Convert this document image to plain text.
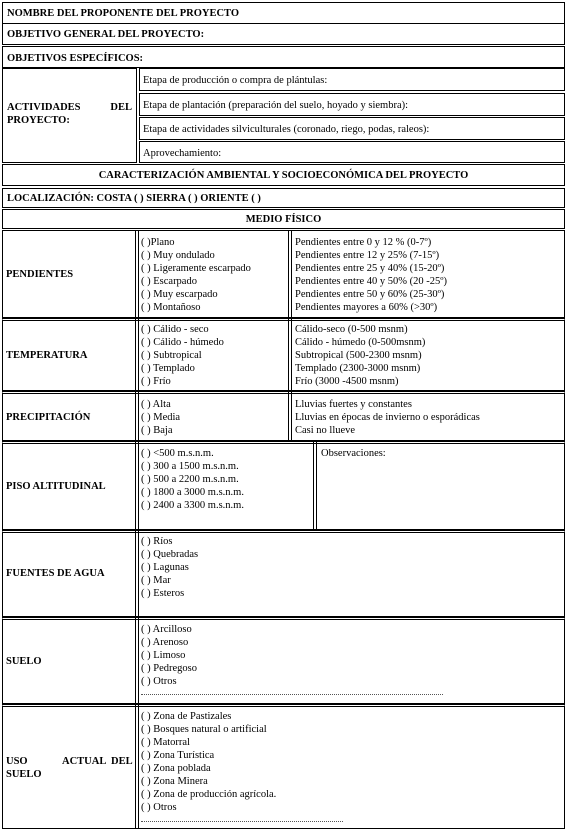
NOMBRE DEL PROPONENTE DEL PROYECTO
OBJETIVO GENERAL DEL PROYECTO:
OBJETIVOS ESPECÍFICOS:
ACTIVIDADES	DEL
PROYECTO:
Etapa de producción o compra de plántulas:
Etapa de plantación (preparación del suelo, hoyado y siembra):
Etapa de actividades silviculturales (coronado, riego, podas, raleos):
Aprovechamiento:
CARACTERIZACIÓN AMBIENTAL Y SOCIOECONÓMICA DEL PROYECTO
LOCALIZACIÓN: COSTA ( ) SIERRA ( ) ORIENTE ( )
MEDIO FÍSICO
PENDIENTES
( )Plano
( ) Muy ondulado
( ) Ligeramente escarpado
( ) Escarpado
( ) Muy escarpado
( ) Montañoso
Pendientes entre 0 y 12 % (0-7º)
Pendientes entre 12 y 25% (7-15º)
Pendientes entre 25 y 40% (15-20º)
Pendientes entre 40 y 50% (20 -25º)
Pendientes entre 50 y 60% (25-30º)
Pendientes mayores a 60% (>30º)
TEMPERATURA
( ) Cálido - seco
( ) Cálido - húmedo
( ) Subtropical
( ) Templado
( ) Frío
Cálido-seco (0-500 msnm)
Cálido - húmedo (0-500msnm)
Subtropical (500-2300 msnm)
Templado (2300-3000 msnm)
Frío (3000 -4500 msnm)
PRECIPITACIÓN
( ) Alta
( ) Media
( ) Baja
Lluvias fuertes y constantes
Lluvias en épocas de invierno o esporádicas
Casi no llueve
PISO ALTITUDINAL
( ) <500 m.s.n.m.
( ) 300 a 1500 m.s.n.m.
( ) 500 a 2200 m.s.n.m.
( ) 1800 a 3000 m.s.n.m.
( ) 2400 a 3300 m.s.n.m.
Observaciones:
FUENTES DE AGUA
( ) Ríos
( ) Quebradas
( ) Lagunas
( ) Mar
( ) Esteros
SUELO
( ) Arcilloso
( ) Arenoso
( ) Limoso
( ) Pedregoso
( ) Otros
USO	ACTUAL DEL
SUELO
( ) Zona de Pastizales
( ) Bosques natural o artificial
( ) Matorral
( ) Zona Turística
( ) Zona poblada
( ) Zona Minera
( ) Zona de producción agrícola.
( ) Otros
